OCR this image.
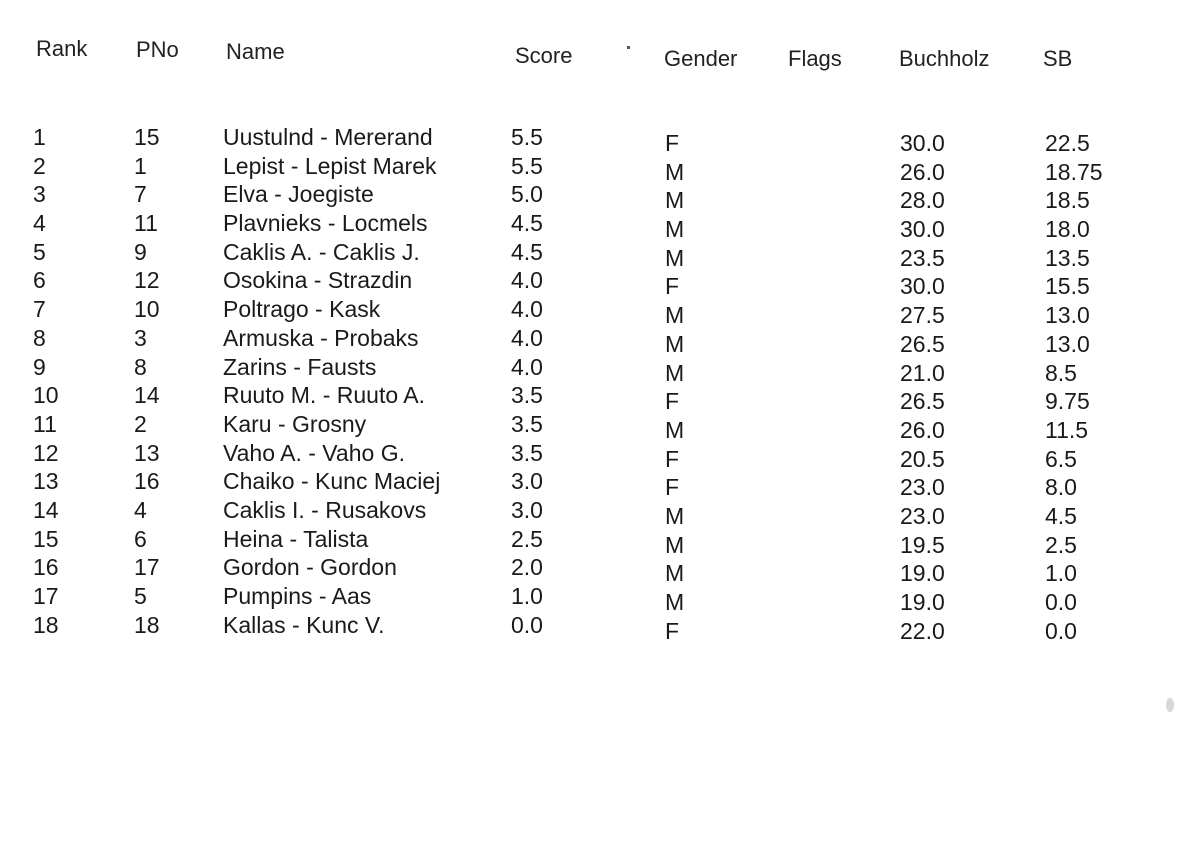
Rank PNo Name	Score	Gender Flags	Buchholz SB
1	15	Uustulnd - Mererand	5.5	F	30.0	22.5
2	1	Lepist - Lepist Marek	5.5	M	26.0	18.75
3	7	Elva - Joegiste	5.0	M	28.0	18.5
4	11	Plavnieks - Locmels	4.5	M	30.0	18.0
5	9	Caklis A. - Caklis J.	4.5	M	23.5	13.5
6	12	Osokina - Strazdin	4.0	F	30.0	15.5
7	10	Poltrago - Kask	4.0	M	27.5	13.0
8	3	Armuska - Probaks	4.0	M	26.5	13.0
9	8	Zarins - Fausts	4.0	M	21.0	8.5
10	14	Ruuto M. - Ruuto A.	3.5	F	26.5	9.75
11	2	Karu - Grosny	3.5	M	26.0	11.5
12	13	Vaho A. - Vaho G.	3.5	F	20.5	6.5
13	16	Chaiko - Kunc Maciej	3.0	F	23.0	8.0
14	4	Caklis I. - Rusakovs	3.0	M	23.0	4.5
15	6	Heina - Talista	2.5	M	19.5	2.5
16	17	Gordon - Gordon	2.0	M	19.0	1.0
17	5	Pumpins - Aas	1.0	M	19.0	0.0
18	18	Kallas - Kunc V.	0.0	F	22.0	0.0
